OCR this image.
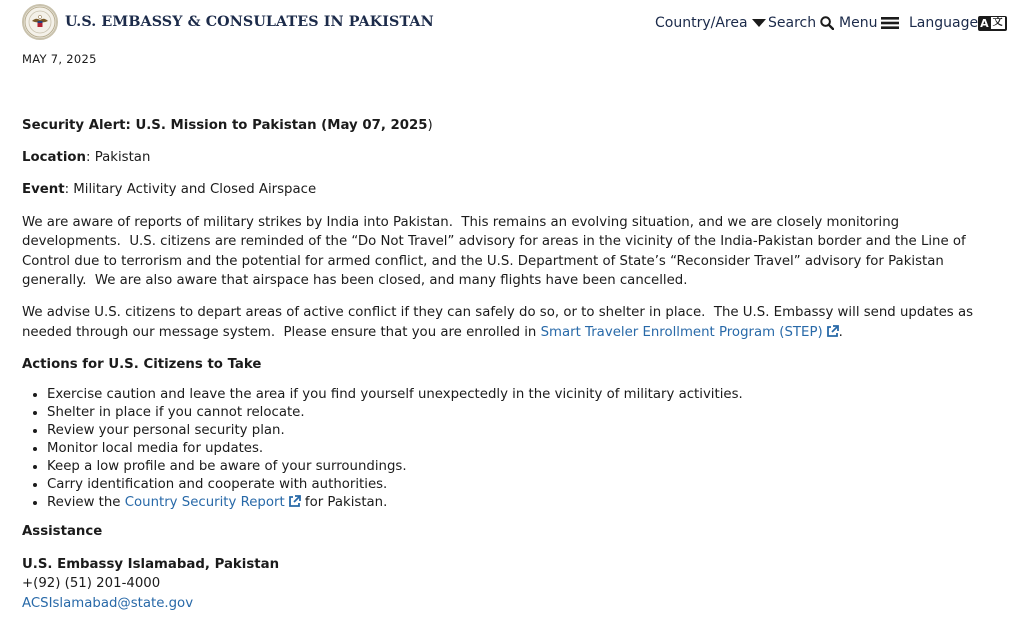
U.S. EMBASSY & CONSULATES IN PAKISTAN	Country/Area Search Menu Language A 文
MAY 7, 2025

Security Alert: U.S. Mission to Pakistan (May 07, 2025)

Location: Pakistan

Event: Military Activity and Closed Airspace

We are aware of reports of military strikes by India into Pakistan.  This remains an evolving situation, and we are closely monitoring developments.  U.S. citizens are reminded of the “Do Not Travel” advisory for areas in the vicinity of the India-Pakistan border and the Line of Control due to terrorism and the potential for armed conflict, and the U.S. Department of State’s “Reconsider Travel” advisory for Pakistan generally.  We are also aware that airspace has been closed, and many flights have been cancelled.

We advise U.S. citizens to depart areas of active conflict if they can safely do so, or to shelter in place.  The U.S. Embassy will send updates as needed through our message system.  Please ensure that you are enrolled in Smart Traveler Enrollment Program (STEP) .

Actions for U.S. Citizens to Take

• Exercise caution and leave the area if you find yourself unexpectedly in the vicinity of military activities.
• Shelter in place if you cannot relocate.
• Review your personal security plan.
• Monitor local media for updates.
• Keep a low profile and be aware of your surroundings.
• Carry identification and cooperate with authorities.
• Review the Country Security Report for Pakistan.

Assistance

U.S. Embassy Islamabad, Pakistan

+(92) (51) 201-4000

ACSIslamabad@state.gov
